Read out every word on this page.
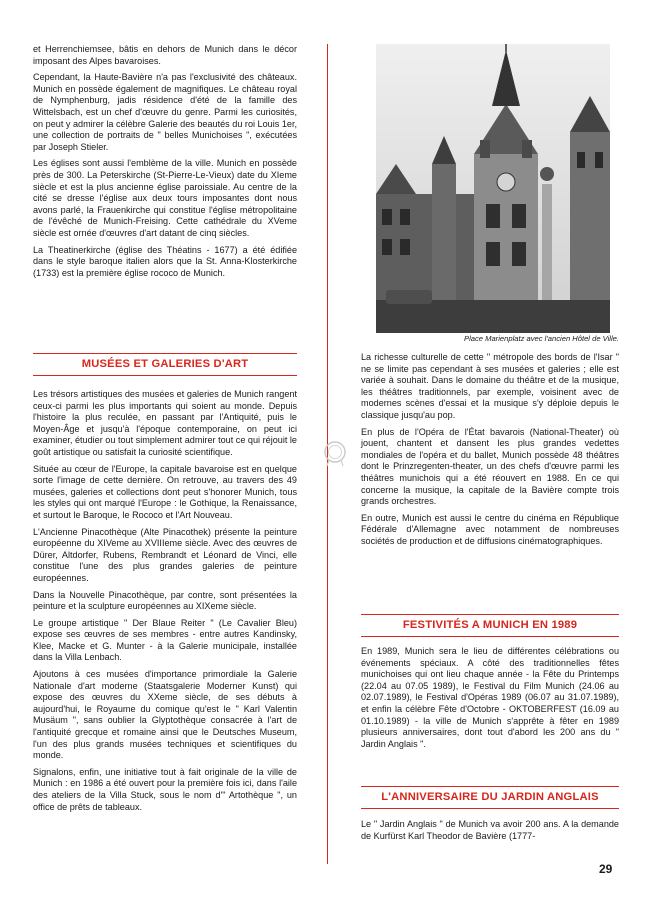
et Herrenchiemsee, bâtis en dehors de Munich dans le décor imposant des Alpes bavaroises.

Cependant, la Haute-Bavière n'a pas l'exclusivité des châteaux. Munich en possède également de magnifiques. Le château royal de Nymphenburg, jadis résidence d'été de la famille des Wittelsbach, est un chef d'œuvre du genre. Parmi les curiosités, on peut y admirer la célèbre Galerie des beautés du roi Louis 1er, une collection de portraits de " belles Munichoises ", exécutées par Joseph Stieler.

Les églises sont aussi l'emblème de la ville. Munich en possède près de 300. La Peterskirche (St-Pierre-Le-Vieux) date du XIeme siècle et est la plus ancienne église paroissiale. Au centre de la cité se dresse l'église aux deux tours imposantes dont nous avons parlé, la Frauenkirche qui constitue l'église métropolitaine de l'évêché de Munich-Freising. Cette cathédrale du XVeme siècle est ornée d'œuvres d'art datant de cinq siècles.

La Theatinerkirche (église des Théatins - 1677) a été édifiée dans le style baroque italien alors que la St. Anna-Klosterkirche (1733) est la première église rococo de Munich.

MUSÉES ET GALERIES D'ART

Les trésors artistiques des musées et galeries de Munich rangent ceux-ci parmi les plus importants qui soient au monde. Depuis l'histoire la plus reculée, en passant par l'Antiquité, puis le Moyen-Âge et jusqu'à l'époque contemporaine, on peut ici examiner, étudier ou tout simplement admirer tout ce qui réjouit le goût artistique ou satisfait la curiosité scientifique.

Située au cœur de l'Europe, la capitale bavaroise est en quelque sorte l'image de cette dernière. On retrouve, au travers des 49 musées, galeries et collections dont peut s'honorer Munich, tous les styles qui ont marqué l'Europe : le Gothique, la Renaissance, et surtout le Baroque, le Rococo et l'Art Nouveau.

L'Ancienne Pinacothèque (Alte Pinacothek) présente la peinture européenne du XIVeme au XVIIIeme siècle. Avec des œuvres de Dürer, Altdorfer, Rubens, Rembrandt et Léonard de Vinci, elle constitue l'une des plus grandes galeries de peinture européennes.

Dans la Nouvelle Pinacothèque, par contre, sont présentées la peinture et la sculpture européennes au XIXeme siècle.

Le groupe artistique " Der Blaue Reiter " (Le Cavalier Bleu) expose ses œuvres de ses membres - entre autres Kandinsky, Klee, Macke et G. Munter - à la Galerie municipale, installée dans la Villa Lenbach.

Ajoutons à ces musées d'importance primordiale la Galerie Nationale d'art moderne (Staatsgalerie Moderner Kunst) qui expose des œuvres du XXeme siècle, de ses débuts à aujourd'hui, le Royaume du comique qu'est le " Karl Valentin Musäum ", sans oublier la Glyptothèque consacrée à l'art de l'antiquité grecque et romaine ainsi que le Deutsches Museum, l'un des plus grands musées techniques et scientifiques du monde.

Signalons, enfin, une initiative tout à fait originale de la ville de Munich : en 1986 a été ouvert pour la première fois ici, dans l'aile des ateliers de la Villa Stuck, sous le nom d'" Artothèque ", un office de prêts de tableaux.

Place Marienplatz avec l'ancien Hôtel de Ville.

La richesse culturelle de cette " métropole des bords de l'Isar " ne se limite pas cependant à ses musées et galeries ; elle est variée à souhait. Dans le domaine du théâtre et de la musique, les théâtres traditionnels, par exemple, voisinent avec de modernes scènes d'essai et la musique s'y déploie depuis le classique jusqu'au pop.

En plus de l'Opéra de l'État bavarois (National-Theater) où jouent, chantent et dansent les plus grandes vedettes mondiales de l'opéra et du ballet, Munich possède 48 théâtres dont le Prinzregenten-theater, un des chefs d'œuvre parmi les théâtres munichois qui a été réouvert en 1988. En ce qui concerne la musique, la capitale de la Bavière compte trois grands orchestres.

En outre, Munich est aussi le centre du cinéma en République Fédérale d'Allemagne avec notamment de nombreuses sociétés de production et de diffusions cinématographiques.

FESTIVITÉS A MUNICH EN 1989

En 1989, Munich sera le lieu de différentes célébrations ou événements spéciaux. A côté des traditionnelles fêtes munichoises qui ont lieu chaque année - la Fête du Printemps (22.04 au 07.05 1989), le Festival du Film Munich (24.06 au 02.07.1989), le Festival d'Opéras 1989 (06.07 au 31.07.1989), et enfin la célèbre Fête d'Octobre - OKTOBERFEST (16.09 au 01.10.1989) - la ville de Munich s'apprête à fêter en 1989 plusieurs anniversaires, dont tout d'abord les 200 ans du " Jardin Anglais ".

L'ANNIVERSAIRE DU JARDIN ANGLAIS

Le " Jardin Anglais " de Munich va avoir 200 ans. A la demande de Kurfürst Karl Theodor de Bavière (1777-

29
